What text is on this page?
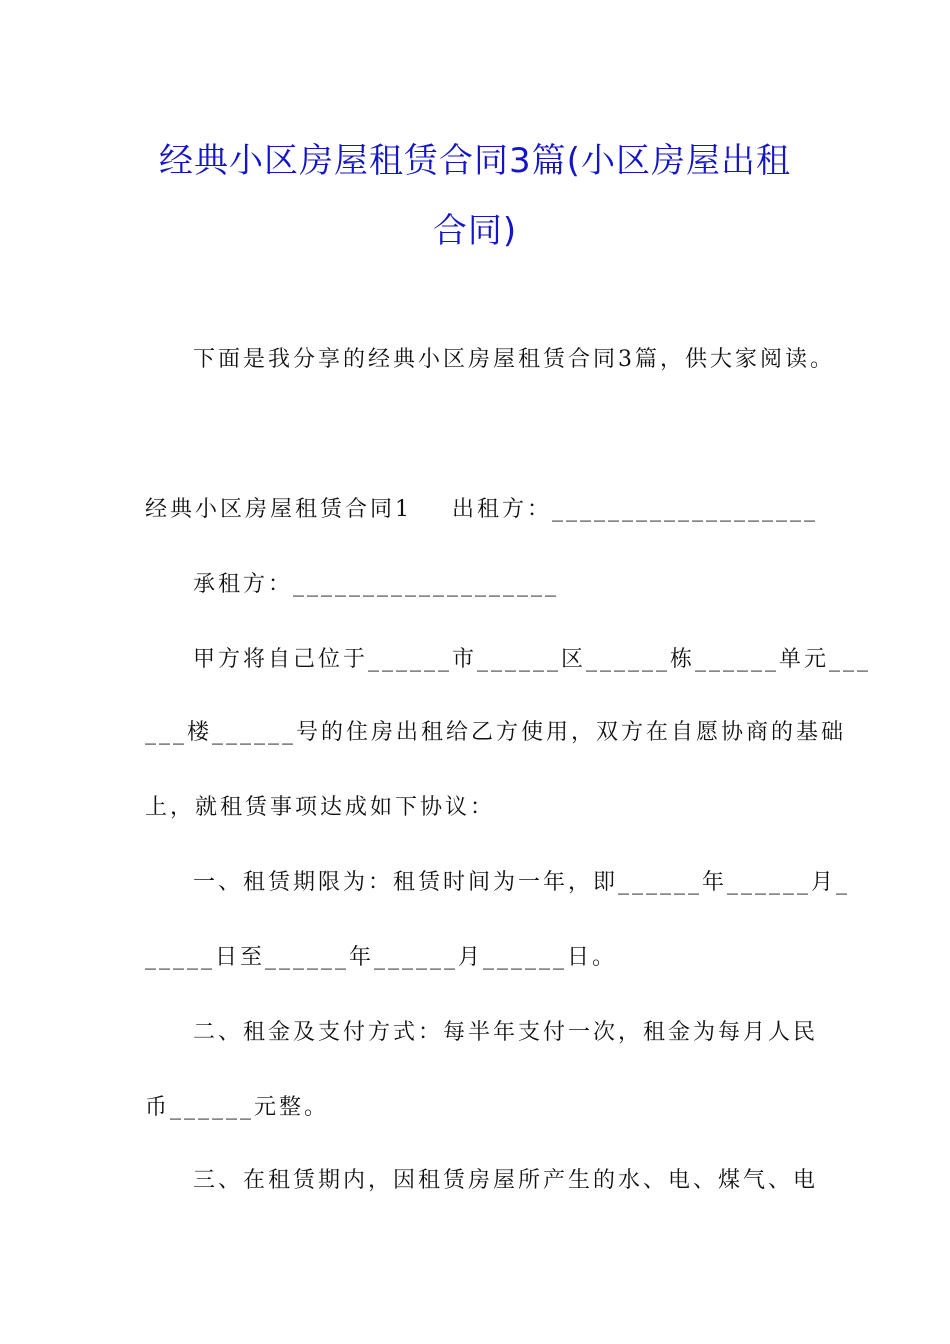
经典小区房屋租赁合同3篇(小区房屋出租
合同)
下面是我分享的经典小区房屋租赁合同3篇，供大家阅读。
经典小区房屋租赁合同1 出租方：___________________
承租方：___________________
甲方将自己位于______市______区______栋______单元___
___楼______号的住房出租给乙方使用，双方在自愿协商的基础
上，就租赁事项达成如下协议：
一、租赁期限为：租赁时间为一年，即______年______月_
_____日至______年______月______日。
二、租金及支付方式：每半年支付一次，租金为每月人民
币______元整。
三、在租赁期内，因租赁房屋所产生的水、电、煤气、电
